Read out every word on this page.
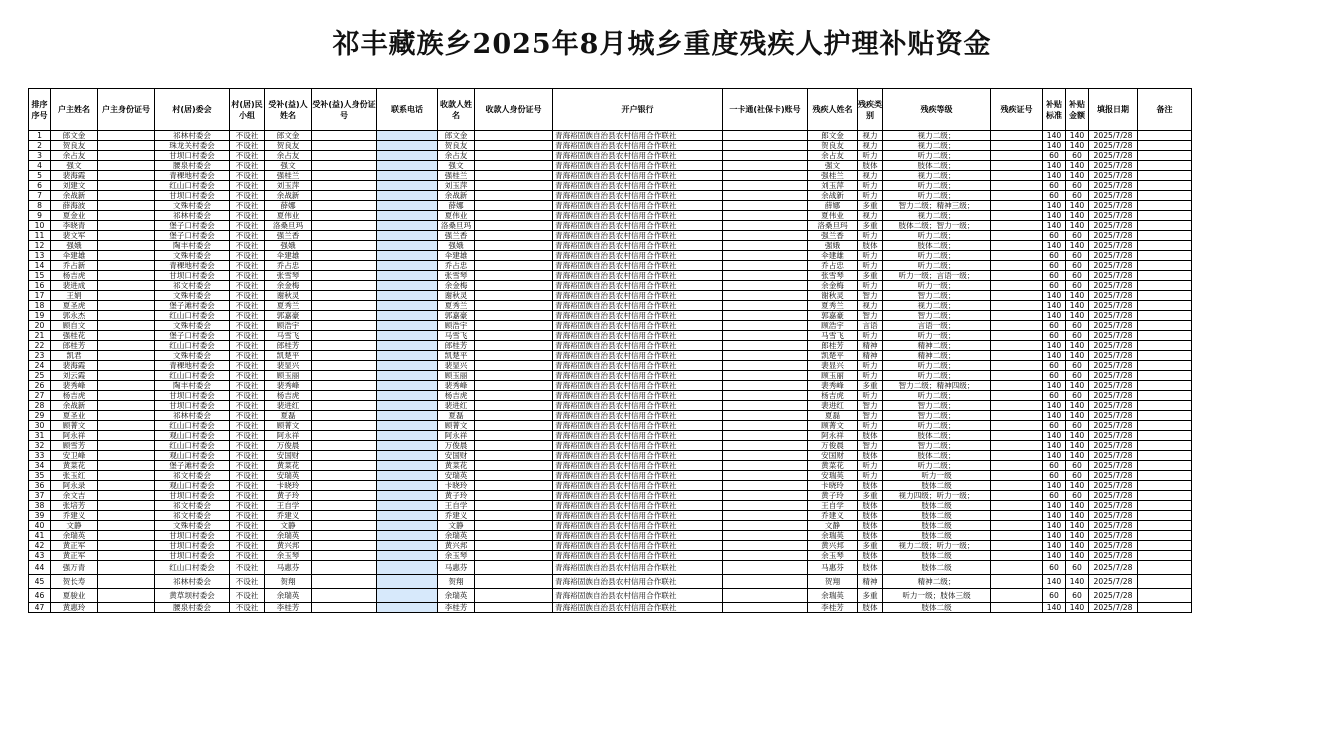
祁丰藏族乡2025年8月城乡重度残疾人护理补贴资金
排序序号	户主姓名	户主身份证号	村(居)委会	村(居)民小组	受补(益)人姓名	受补(益)人身份证号	联系电话	收款人姓名	收款人身份证号	开户银行	一卡通(社保卡)账号	残疾人姓名	残疾类别	残疾等级	残疾证号	补贴标准	补贴金额	填报日期	备注
1	郎文金		祁林村委会	不设社	郎文金			郎文金		青海裕固族自治县农村信用合作联社		郎文金	视力	视力二级；		140	140	2025/7/28	
2	贺良友		珠龙关村委会	不设社	贺良友			贺良友		青海裕固族自治县农村信用合作联社		贺良友	视力	视力二级；		140	140	2025/7/28	
3	余占友		甘坝口村委会	不设社	余占友			余占友		青海裕固族自治县农村信用合作联社		余占友	听力	听力二级；		60	60	2025/7/28	
4	强文		腰泉村委会	不设社	强文			强文		青海裕固族自治县农村信用合作联社		强文	肢体	肢体二级；		140	140	2025/7/28	
5	裴海霞		青稞地村委会	不设社	强桂兰			强桂兰		青海裕固族自治县农村信用合作联社		强桂兰	视力	视力二级；		140	140	2025/7/28	
6	刘建文		红山口村委会	不设社	刘玉萍			刘玉萍		青海裕固族自治县农村信用合作联社		刘玉萍	听力	听力二级；		60	60	2025/7/28	
7	余战新		甘坝口村委会	不设社	余战新			余战新		青海裕固族自治县农村信用合作联社		余战新	听力	听力二级；		60	60	2025/7/28	
8	薛海波		文殊村委会	不设社	薛娜			薛娜		青海裕固族自治县农村信用合作联社		薛娜	多重	智力二级；精神三级；		140	140	2025/7/28	
9	夏金业		祁林村委会	不设社	夏伟业			夏伟业		青海裕固族自治县农村信用合作联社		夏伟业	视力	视力二级；		140	140	2025/7/28	
10	李晓青		堡子口村委会	不设社	洛桑旦玛			洛桑旦玛		青海裕固族自治县农村信用合作联社		洛桑旦玛	多重	肢体二级；智力一级；		140	140	2025/7/28	
11	裴文军		堡子口村委会	不设社	强兰香			强兰香		青海裕固族自治县农村信用合作联社		强兰香	听力	听力二级；		60	60	2025/7/28	
12	强娥		陶丰村委会	不设社	强娥			强娥		青海裕固族自治县农村信用合作联社		强娥	肢体	肢体二级；		140	140	2025/7/28	
13	伞建雄		文殊村委会	不设社	伞建雄			伞建雄		青海裕固族自治县农村信用合作联社		伞建雄	听力	听力二级；		60	60	2025/7/28	
14	乔占新		青稞地村委会	不设社	乔占忠			乔占忠		青海裕固族自治县农村信用合作联社		乔占忠	听力	听力二级；		60	60	2025/7/28	
15	杨吉虎		甘坝口村委会	不设社	张雪琴			张雪琴		青海裕固族自治县农村信用合作联社		张雪琴	多重	听力一级；言语一级；		60	60	2025/7/28	
16	裴进成		祁文村委会	不设社	余金梅			余金梅		青海裕固族自治县农村信用合作联社		余金梅	听力	听力一级；		60	60	2025/7/28	
17	王娟		文殊村委会	不设社	谢秋灵			谢秋灵		青海裕固族自治县农村信用合作联社		谢秋灵	智力	智力二级；		140	140	2025/7/28	
18	夏圣虎		堡子滩村委会	不设社	夏秀兰			夏秀兰		青海裕固族自治县农村信用合作联社		夏秀兰	视力	视力二级；		140	140	2025/7/28	
19	郭永杰		红山口村委会	不设社	郭嘉豪			郭嘉豪		青海裕固族自治县农村信用合作联社		郭嘉豪	智力	智力二级；		140	140	2025/7/28	
20	顾自文		文殊村委会	不设社	顾浩宇			顾浩宇		青海裕固族自治县农村信用合作联社		顾浩宇	言语	言语一级；		60	60	2025/7/28	
21	强桂花		堡子口村委会	不设社	马雪飞			马雪飞		青海裕固族自治县农村信用合作联社		马雪飞	听力	听力一级；		60	60	2025/7/28	
22	郎桂芳		红山口村委会	不设社	郎桂芳			郎桂芳		青海裕固族自治县农村信用合作联社		郎桂芳	精神	精神二级；		140	140	2025/7/28	
23	凯君		文殊村委会	不设社	凯楚平			凯楚平		青海裕固族自治县农村信用合作联社		凯楚平	精神	精神二级；		140	140	2025/7/28	
24	裴海霞		青稞地村委会	不设社	裴显兴			裴显兴		青海裕固族自治县农村信用合作联社		裴显兴	听力	听力二级；		60	60	2025/7/28	
25	刘云霞		红山口村委会	不设社	顾玉丽			顾玉丽		青海裕固族自治县农村信用合作联社		顾玉丽	听力	听力二级；		60	60	2025/7/28	
26	裴秀峰		陶丰村委会	不设社	裴秀峰			裴秀峰		青海裕固族自治县农村信用合作联社		裴秀峰	多重	智力二级；精神四级；		140	140	2025/7/28	
27	杨吉虎		甘坝口村委会	不设社	杨吉虎			杨吉虎		青海裕固族自治县农村信用合作联社		杨吉虎	听力	听力二级；		60	60	2025/7/28	
28	余战新		甘坝口村委会	不设社	裴进红			裴进红		青海裕固族自治县农村信用合作联社		裴进红	智力	智力二级；		140	140	2025/7/28	
29	夏圣业		祁林村委会	不设社	夏磊			夏磊		青海裕固族自治县农村信用合作联社		夏磊	智力	智力二级；		140	140	2025/7/28	
30	顾菁文		红山口村委会	不设社	顾菁文			顾菁文		青海裕固族自治县农村信用合作联社		顾菁文	听力	听力二级；		60	60	2025/7/28	
31	阿永祥		观山口村委会	不设社	阿永祥			阿永祥		青海裕固族自治县农村信用合作联社		阿永祥	肢体	肢体二级；		140	140	2025/7/28	
32	顾雪芳		红山口村委会	不设社	万俊晨			万俊晨		青海裕固族自治县农村信用合作联社		万俊晨	智力	智力二级；		140	140	2025/7/28	
33	安卫峰		观山口村委会	不设社	安国财			安国财		青海裕固族自治县农村信用合作联社		安国财	肢体	肢体二级；		140	140	2025/7/28	
34	黄菜花		堡子滩村委会	不设社	黄菜花			黄菜花		青海裕固族自治县农村信用合作联社		黄菜花	听力	听力二级；		60	60	2025/7/28	
35	张玉红		祁文村委会	不设社	安瑞英			安瑞英		青海裕固族自治县农村信用合作联社		安瑞英	听力	听力一级		60	60	2025/7/28	
36	阿永录		观山口村委会	不设社	卡晓玲			卡晓玲		青海裕固族自治县农村信用合作联社		卡晓玲	肢体	肢体二级		140	140	2025/7/28	
37	余文吉		甘坝口村委会	不设社	黄子玲			黄子玲		青海裕固族自治县农村信用合作联社		黄子玲	多重	视力四级；听力一级；		60	60	2025/7/28	
38	张培芳		祁文村委会	不设社	王自学			王自学		青海裕固族自治县农村信用合作联社		王自学	肢体	肢体二级		140	140	2025/7/28	
39	乔建义		祁文村委会	不设社	乔建义			乔建义		青海裕固族自治县农村信用合作联社		乔建义	肢体	肢体二级		140	140	2025/7/28	
40	文静		文殊村委会	不设社	文静			文静		青海裕固族自治县农村信用合作联社		文静	肢体	肢体二级		140	140	2025/7/28	
41	余瑞英		甘坝口村委会	不设社	余瑞英			余瑞英		青海裕固族自治县农村信用合作联社		余瑞英	肢体	肢体二级		140	140	2025/7/28	
42	黄正军		甘坝口村委会	不设社	黄兴邦			黄兴邦		青海裕固族自治县农村信用合作联社		黄兴邦	多重	视力二级；听力一级；		140	140	2025/7/28	
43	黄正军		甘坝口村委会	不设社	余玉琴			余玉琴		青海裕固族自治县农村信用合作联社		余玉琴	肢体	肢体二级		140	140	2025/7/28	
44	强万青		红山口村委会	不设社	马惠芬			马惠芬		青海裕固族自治县农村信用合作联社		马惠芬	肢体	肢体二级		60	60	2025/7/28	
45	贺长寿		祁林村委会	不设社	贺翔			贺翔		青海裕固族自治县农村信用合作联社		贺翔	精神	精神二级；		140	140	2025/7/28	
46	夏骏业		黄草坝村委会	不设社	余瑞英			余瑞英		青海裕固族自治县农村信用合作联社		余瑞英	多重	听力一级；肢体三级		60	60	2025/7/28	
47	黄惠玲		腰泉村委会	不设社	李桂芳			李桂芳		青海裕固族自治县农村信用合作联社		李桂芳	肢体	肢体二级		140	140	2025/7/28	
